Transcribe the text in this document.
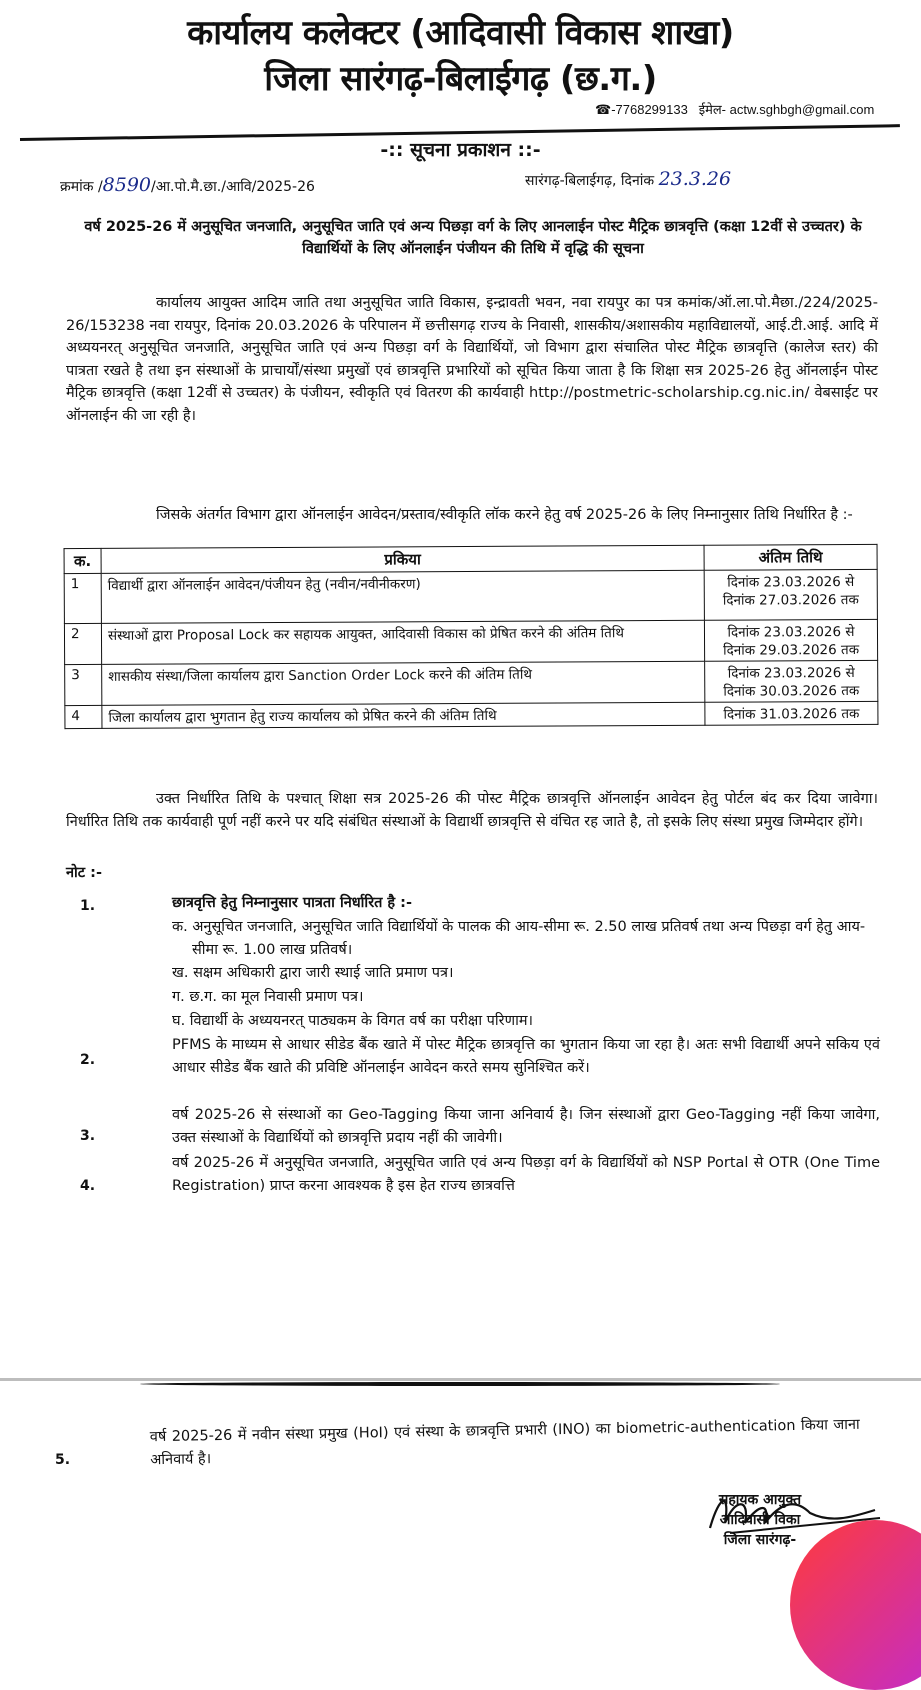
कार्यालय कलेक्टर (आदिवासी विकास शाखा)
जिला सारंगढ़-बिलाईगढ़ (छ.ग.)
☎-7768299133 ईमेल- actw.sghbgh@gmail.com
-:: सूचना प्रकाशन ::-
क्रमांक /8590/आ.पो.मै.छा./आवि/2025-26	सारंगढ़-बिलाईगढ़, दिनांक 23.3.26
वर्ष 2025-26 में अनुसूचित जनजाति, अनुसूचित जाति एवं अन्य पिछड़ा वर्ग के लिए आनलाईन पोस्ट मैट्रिक छात्रवृत्ति (कक्षा 12वीं से उच्चतर) के विद्यार्थियों के लिए ऑनलाईन पंजीयन की तिथि में वृद्धि की सूचना
कार्यालय आयुक्त आदिम जाति तथा अनुसूचित जाति विकास, इन्द्रावती भवन, नवा रायपुर का पत्र कमांक/ऑ.ला.पो.मैछा./224/2025-26/153238 नवा रायपुर, दिनांक 20.03.2026 के परिपालन में छत्तीसगढ़ राज्य के निवासी, शासकीय/अशासकीय महाविद्यालयों, आई.टी.आई. आदि में अध्ययनरत् अनुसूचित जनजाति, अनुसूचित जाति एवं अन्य पिछड़ा वर्ग के विद्यार्थियों, जो विभाग द्वारा संचालित पोस्ट मैट्रिक छात्रवृत्ति (कालेज स्तर) की पात्रता रखते है तथा इन संस्थाओं के प्राचार्यों/संस्था प्रमुखों एवं छात्रवृत्ति प्रभारियों को सूचित किया जाता है कि शिक्षा सत्र 2025-26 हेतु ऑनलाईन पोस्ट मैट्रिक छात्रवृत्ति (कक्षा 12वीं से उच्चतर) के पंजीयन, स्वीकृति एवं वितरण की कार्यवाही http://postmetric-scholarship.cg.nic.in/ वेबसाईट पर ऑनलाईन की जा रही है।
जिसके अंतर्गत विभाग द्वारा ऑनलाईन आवेदन/प्रस्ताव/स्वीकृति लॉक करने हेतु वर्ष 2025-26 के लिए निम्नानुसार तिथि निर्धारित है :-
क.	प्रकिया	अंतिम तिथि
1	विद्यार्थी द्वारा ऑनलाईन आवेदन/पंजीयन हेतु (नवीन/नवीनीकरण)	दिनांक 23.03.2026 से दिनांक 27.03.2026 तक
2	संस्थाओं द्वारा Proposal Lock कर सहायक आयुक्त, आदिवासी विकास को प्रेषित करने की अंतिम तिथि	दिनांक 23.03.2026 से दिनांक 29.03.2026 तक
3	शासकीय संस्था/जिला कार्यालय द्वारा Sanction Order Lock करने की अंतिम तिथि	दिनांक 23.03.2026 से दिनांक 30.03.2026 तक
4	जिला कार्यालय द्वारा भुगतान हेतु राज्य कार्यालय को प्रेषित करने की अंतिम तिथि	दिनांक 31.03.2026 तक
उक्त निर्धारित तिथि के पश्चात् शिक्षा सत्र 2025-26 की पोस्ट मैट्रिक छात्रवृत्ति ऑनलाईन आवेदन हेतु पोर्टल बंद कर दिया जावेगा। निर्धारित तिथि तक कार्यवाही पूर्ण नहीं करने पर यदि संबंधित संस्थाओं के विद्यार्थी छात्रवृत्ति से वंचित रह जाते है, तो इसके लिए संस्था प्रमुख जिम्मेदार होंगे।
नोट :-
1.	छात्रवृत्ति हेतु निम्नानुसार पात्रता निर्धारित है :-
क. अनुसूचित जनजाति, अनुसूचित जाति विद्यार्थियों के पालक की आय-सीमा रू. 2.50 लाख प्रतिवर्ष तथा अन्य पिछड़ा वर्ग हेतु आय-सीमा रू. 1.00 लाख प्रतिवर्ष।
ख. सक्षम अधिकारी द्वारा जारी स्थाई जाति प्रमाण पत्र।
ग. छ.ग. का मूल निवासी प्रमाण पत्र।
घ. विद्यार्थी के अध्ययनरत् पाठ्यकम के विगत वर्ष का परीक्षा परिणाम।
2.
PFMS के माध्यम से आधार सीडेड बैंक खाते में पोस्ट मैट्रिक छात्रवृत्ति का भुगतान किया जा रहा है। अतः सभी विद्यार्थी अपने सकिय एवं आधार सीडेड बैंक खाते की प्रविष्टि ऑनलाईन आवेदन करते समय सुनिश्चित करें।
3.
वर्ष 2025-26 से संस्थाओं का Geo-Tagging किया जाना अनिवार्य है। जिन संस्थाओं द्वारा Geo-Tagging नहीं किया जावेगा, उक्त संस्थाओं के विद्यार्थियों को छात्रवृत्ति प्रदाय नहीं की जावेगी।
4.
वर्ष 2025-26 में अनुसूचित जनजाति, अनुसूचित जाति एवं अन्य पिछड़ा वर्ग के विद्यार्थियों को NSP Portal से OTR (One Time Registration) प्राप्त करना आवश्यक है इस हेत राज्य छात्रवत्ति
5.
वर्ष 2025-26 में नवीन संस्था प्रमुख (HoI) एवं संस्था के छात्रवृत्ति प्रभारी (INO) का biometric-authentication किया जाना अनिवार्य है।
सहायक आयुक्त
आदिवासी विका
जिला सारंगढ़-
